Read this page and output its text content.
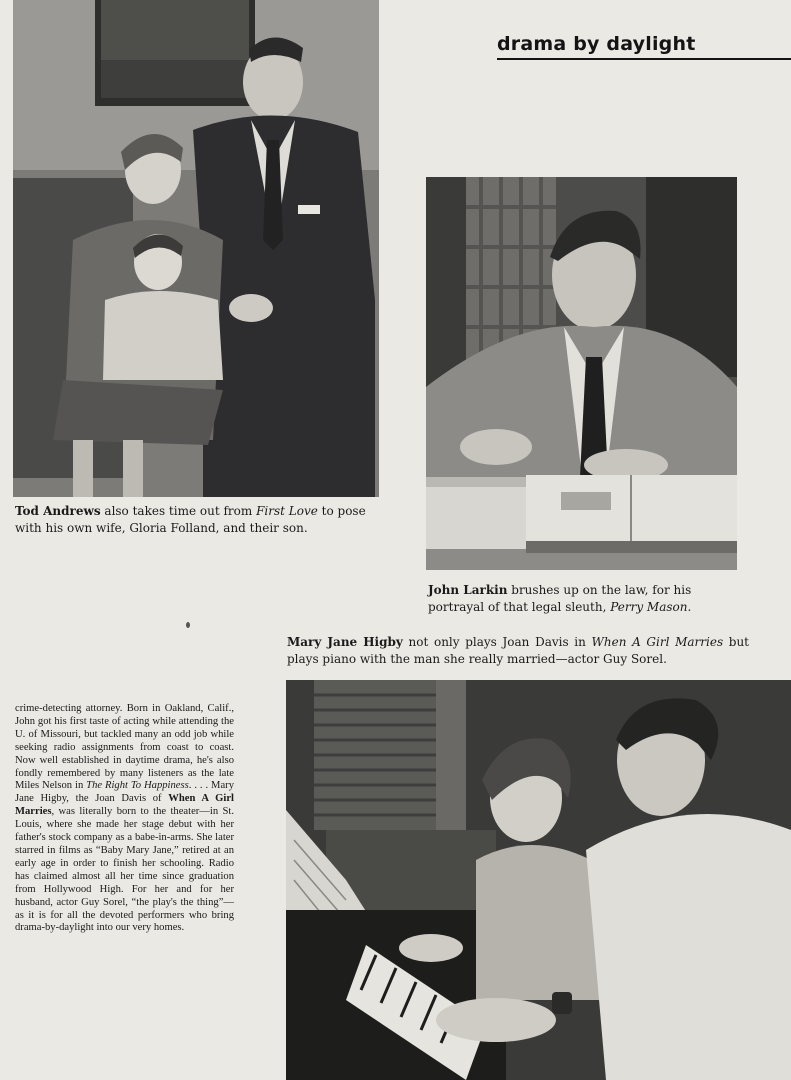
drama by daylight
Tod Andrews also takes time out from First Love to pose with his own wife, Gloria Folland, and their son.
John Larkin brushes up on the law, for his portrayal of that legal sleuth, Perry Mason.
Mary Jane Higby not only plays Joan Davis in When A Girl Marries but plays piano with the man she really married—actor Guy Sorel.
crime-detecting attorney. Born in Oakland, Calif., John got his first taste of acting while attending the U. of Missouri, but tackled many an odd job while seeking radio assignments from coast to coast. Now well established in daytime drama, he's also fondly remembered by many listeners as the late Miles Nelson in The Right To Happiness. . . . Mary Jane Higby, the Joan Davis of When A Girl Marries, was literally born to the theater—in St. Louis, where she made her stage debut with her father's stock company as a babe-in-arms. She later starred in films as “Baby Mary Jane,” retired at an early age in order to finish her schooling. Radio has claimed almost all her time since graduation from Hollywood High. For her and for her husband, actor Guy Sorel, “the play's the thing”—as it is for all the devoted performers who bring drama-by-daylight into our very homes.
